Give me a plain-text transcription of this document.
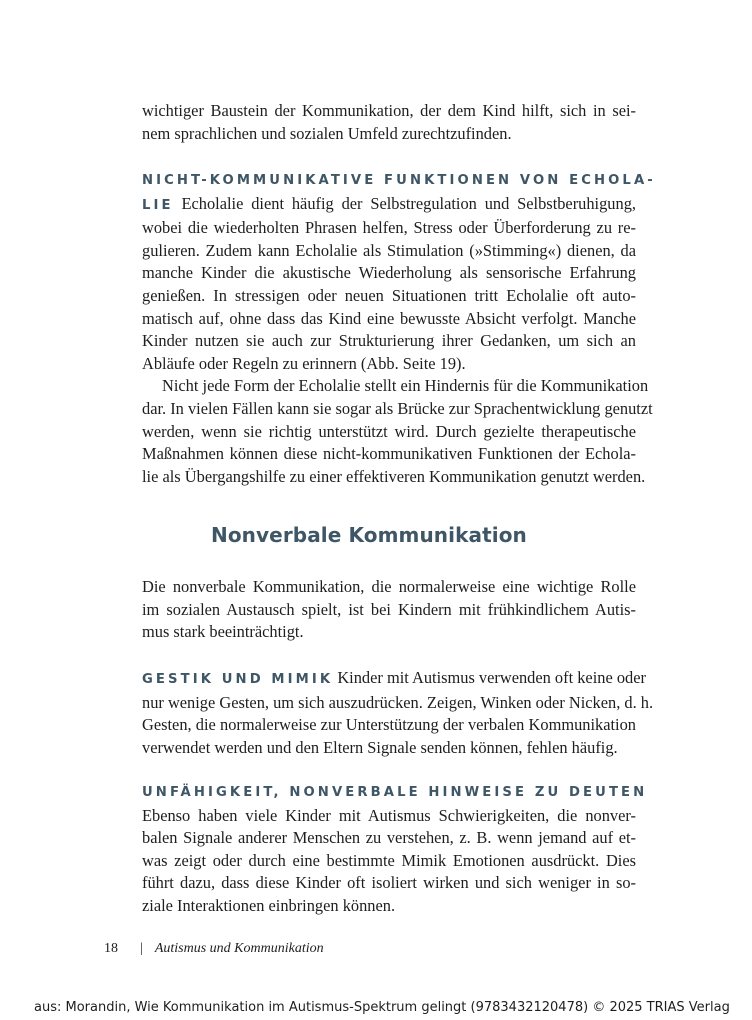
wichtiger Baustein der Kommunikation, der dem Kind hilft, sich in sei-
nem sprachlichen und sozialen Umfeld zurechtzufinden.

NICHT-KOMMUNIKATIVE FUNKTIONEN VON ECHOLA-
LIE Echolalie dient häufig der Selbstregulation und Selbstberuhigung,
wobei die wiederholten Phrasen helfen, Stress oder Überforderung zu re-
gulieren. Zudem kann Echolalie als Stimulation (»Stimming«) dienen, da
manche Kinder die akustische Wiederholung als sensorische Erfahrung
genießen. In stressigen oder neuen Situationen tritt Echolalie oft auto-
matisch auf, ohne dass das Kind eine bewusste Absicht verfolgt. Manche
Kinder nutzen sie auch zur Strukturierung ihrer Gedanken, um sich an
Abläufe oder Regeln zu erinnern (Abb. Seite 19).
Nicht jede Form der Echolalie stellt ein Hindernis für die Kommunikation
dar. In vielen Fällen kann sie sogar als Brücke zur Sprachentwicklung genutzt
werden, wenn sie richtig unterstützt wird. Durch gezielte therapeutische
Maßnahmen können diese nicht-kommunikativen Funktionen der Echola-
lie als Übergangshilfe zu einer effektiveren Kommunikation genutzt werden.
Nonverbale Kommunikation

Die nonverbale Kommunikation, die normalerweise eine wichtige Rolle
im sozialen Austausch spielt, ist bei Kindern mit frühkindlichem Autis-
mus stark beeinträchtigt.

GESTIK UND MIMIK Kinder mit Autismus verwenden oft keine oder
nur wenige Gesten, um sich auszudrücken. Zeigen, Winken oder Nicken, d. h.
Gesten, die normalerweise zur Unterstützung der verbalen Kommunikation
verwendet werden und den Eltern Signale senden können, fehlen häufig.
UNFÄHIGKEIT, NONVERBALE HINWEISE ZU DEUTEN
Ebenso haben viele Kinder mit Autismus Schwierigkeiten, die nonver-
balen Signale anderer Menschen zu verstehen, z. B. wenn jemand auf et-
was zeigt oder durch eine bestimmte Mimik Emotionen ausdrückt. Dies
führt dazu, dass diese Kinder oft isoliert wirken und sich weniger in so-
ziale Interaktionen einbringen können.
18 | Autismus und Kommunikation
aus: Morandin, Wie Kommunikation im Autismus-Spektrum gelingt (9783432120478) © 2025 TRIAS Verlag
